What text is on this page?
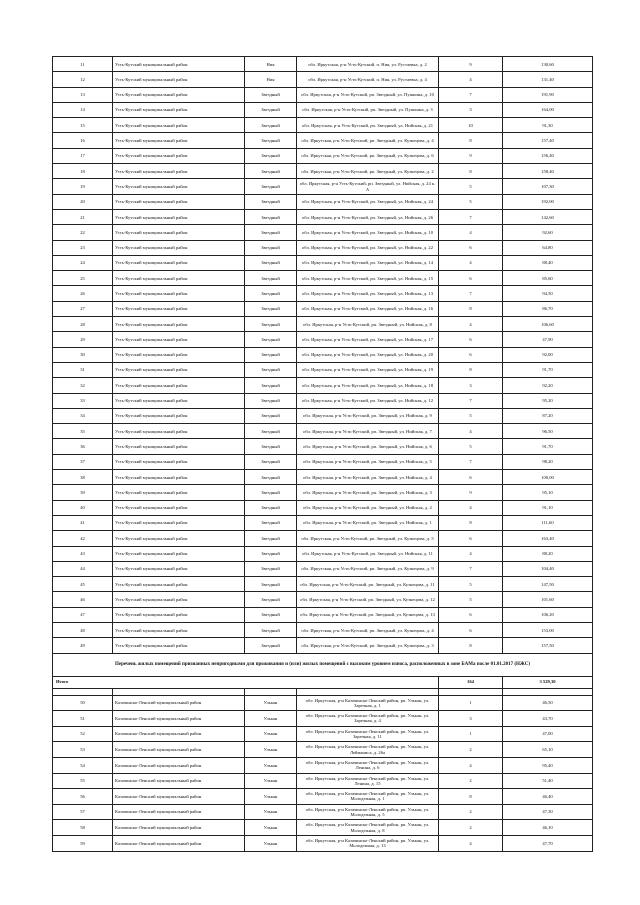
11	Усть-Кутский муниципальный район	Ния	обл. Иркутская, р-н Усть-Кутский, п. Ния, ул. Рустаевка, д. 2	9	130,60
12	Усть-Кутский муниципальный район	Ния	обл. Иркутская, р-н Усть-Кутский, п. Ния, ул. Рустаевка, д. 4	4	131,40
13	Усть-Кутский муниципальный район	Звездный	обл. Иркутская, р-н Усть-Кутский, рп. Звездный, ул. Пушкина, д. 10	7	191,90
14	Усть-Кутский муниципальный район	Звездный	обл. Иркутская, р-н Усть-Кутский, рп. Звездный, ул. Пушкина, д. 3	3	164,00
15	Усть-Кутский муниципальный район	Звездный	обл. Иркутская, р-н Усть-Кутский, рп. Звездный, ул. Нийская, д. 21	10	91,30
16	Усть-Кутский муниципальный район	Звездный	обл. Иркутская, р-н Усть-Кутский, рп. Звездный, ул. Кузнецова, д. 4	8	157,40
17	Усть-Кутский муниципальный район	Звездный	обл. Иркутская, р-н Усть-Кутский, рп. Звездный, ул. Кузнецова, д. 6	9	156,40
18	Усть-Кутский муниципальный район	Звездный	обл. Иркутская, р-н Усть-Кутский, рп. Звездный, ул. Кузнецова, д. 2	8	158,40
19	Усть-Кутский муниципальный район	Звездный	обл. Иркутская, р-н Усть-Кутский, рп. Звездный, ул. Нийская, д. 24 к. А	5	107,30
20	Усть-Кутский муниципальный район	Звездный	обл. Иркутская, р-н Усть-Кутский, рп. Звездный, ул. Нийская, д. 24	5	192,00
21	Усть-Кутский муниципальный район	Звездный	обл. Иркутская, р-н Усть-Кутский, рп. Звездный, ул. Нийская, д. 26	7	142,60
22	Усть-Кутский муниципальный район	Звездный	обл. Иркутская, р-н Усть-Кутский, рп. Звездный, ул. Нийская, д. 10	4	92,60
23	Усть-Кутский муниципальный район	Звездный	обл. Иркутская, р-н Усть-Кутский, рп. Звездный, ул. Нийская, д. 22	6	64,80
24	Усть-Кутский муниципальный район	Звездный	обл. Иркутская, р-н Усть-Кутский, рп. Звездный, ул. Нийская, д. 14	4	88,40
25	Усть-Кутский муниципальный район	Звездный	обл. Иркутская, р-н Усть-Кутский, рп. Звездный, ул. Нийская, д. 15	6	85,60
26	Усть-Кутский муниципальный район	Звездный	обл. Иркутская, р-н Усть-Кутский, рп. Звездный, ул. Нийская, д. 13	7	94,50
27	Усть-Кутский муниципальный район	Звездный	обл. Иркутская, р-н Усть-Кутский, рп. Звездный, ул. Нийская, д. 16	8	86,70
28	Усть-Кутский муниципальный район	Звездный	обл. Иркутская, р-н Усть-Кутский, рп. Звездный, ул. Нийская, д. 8	4	106,60
29	Усть-Кутский муниципальный район	Звездный	обл. Иркутская, р-н Усть-Кутский, рп. Звездный, ул. Нийская, д. 17	6	47,90
30	Усть-Кутский муниципальный район	Звездный	обл. Иркутская, р-н Усть-Кутский, рп. Звездный, ул. Нийская, д. 20	6	92,00
31	Усть-Кутский муниципальный район	Звездный	обл. Иркутская, р-н Усть-Кутский, рп. Звездный, ул. Нийская, д. 19	8	91,70
32	Усть-Кутский муниципальный район	Звездный	обл. Иркутская, р-н Усть-Кутский, рп. Звездный, ул. Нийская, д. 18	3	92,20
33	Усть-Кутский муниципальный район	Звездный	обл. Иркутская, р-н Усть-Кутский, рп. Звездный, ул. Нийская, д. 12	7	95,20
34	Усть-Кутский муниципальный район	Звездный	обл. Иркутская, р-н Усть-Кутский, рп. Звездный, ул. Нийская, д. 9	5	87,20
35	Усть-Кутский муниципальный район	Звездный	обл. Иркутская, р-н Усть-Кутский, рп. Звездный, ул. Нийская, д. 7	4	96,50
36	Усть-Кутский муниципальный район	Звездный	обл. Иркутская, р-н Усть-Кутский, рп. Звездный, ул. Нийская, д. 6	5	91,70
37	Усть-Кутский муниципальный район	Звездный	обл. Иркутская, р-н Усть-Кутский, рп. Звездный, ул. Нийская, д. 5	7	98,20
38	Усть-Кутский муниципальный район	Звездный	обл. Иркутская, р-н Усть-Кутский, рп. Звездный, ул. Нийская, д. 4	6	100,00
39	Усть-Кутский муниципальный район	Звездный	обл. Иркутская, р-н Усть-Кутский, рп. Звездный, ул. Нийская, д. 3	9	95,10
40	Усть-Кутский муниципальный район	Звездный	обл. Иркутская, р-н Усть-Кутский, рп. Звездный, ул. Нийская, д. 2	4	91,10
41	Усть-Кутский муниципальный район	Звездный	обл. Иркутская, р-н Усть-Кутский, рп. Звездный, ул. Нийская, д. 1	8	111,60
42	Усть-Кутский муниципальный район	Звездный	обл. Иркутская, р-н Усть-Кутский, рп. Звездный, ул. Кузнецова, д. 5	6	163,40
43	Усть-Кутский муниципальный район	Звездный	обл. Иркутская, р-н Усть-Кутский, рп. Звездный, ул. Нийская, д. 11	4	88,20
44	Усть-Кутский муниципальный район	Звездный	обл. Иркутская, р-н Усть-Кутский, рп. Звездный, ул. Кузнецова, д. 9	7	104,40
45	Усть-Кутский муниципальный район	Звездный	обл. Иркутская, р-н Усть-Кутский, рп. Звездный, ул. Кузнецова, д. 11	5	147,50
46	Усть-Кутский муниципальный район	Звездный	обл. Иркутская, р-н Усть-Кутский, рп. Звездный, ул. Кузнецова, д. 12	5	101,60
47	Усть-Кутский муниципальный район	Звездный	обл. Иркутская, р-н Усть-Кутский, рп. Звездный, ул. Кузнецова, д. 13	6	106,20
48	Усть-Кутский муниципальный район	Звездный	обл. Иркутская, р-н Усть-Кутский, рп. Звездный, ул. Кузнецова, д. 4	6	153,00
49	Усть-Кутский муниципальный район	Звездный	обл. Иркутская, р-н Усть-Кутский, рп. Звездный, ул. Кузнецова, д. 3	8	157,50
Перечень жилых помещений признанных непригодными для проживания и (или) жилых помещений с высоким уровнем износа, расположенных в зоне БАМа после 01.01.2017 (НЖС)					
Итого				164	3 529,30

50	Казачинско-Ленский муниципальный район	Улькан	обл. Иркутская, р-н Казачинско-Ленский район, рп. Улькан, ул. Заречная, д. 1	1	46,50
51	Казачинско-Ленский муниципальный район	Улькан	обл. Иркутская, р-н Казачинско-Ленский район, рп. Улькан, ул. Заречная, д. 4	3	43,70
52	Казачинско-Ленский муниципальный район	Улькан	обл. Иркутская, р-н Казачинско-Ленский район, рп. Улькан, ул. Заречная, д. 11	1	47,00
53	Казачинско-Ленский муниципальный район	Улькан	обл. Иркутская, р-н Казачинско-Ленский район, рп. Улькан, ул. Лейманиса, д. 26а	2	65,10
54	Казачинско-Ленский муниципальный район	Улькан	обл. Иркутская, р-н Казачинско-Ленский район, рп. Улькан, ул. Ленина, д. 6	4	95,40
55	Казачинско-Ленский муниципальный район	Улькан	обл. Иркутская, р-н Казачинско-Ленский район, рп. Улькан, ул. Ленина, д. 15	2	51,40
56	Казачинско-Ленский муниципальный район	Улькан	обл. Иркутская, р-н Казачинско-Ленский район, рп. Улькан, ул. Молодежная, д. 1	8	46,40
57	Казачинско-Ленский муниципальный район	Улькан	обл. Иркутская, р-н Казачинско-Ленский район, рп. Улькан, ул. Молодежная, д. 5	2	47,30
58	Казачинско-Ленский муниципальный район	Улькан	обл. Иркутская, р-н Казачинско-Ленский район, рп. Улькан, ул. Молодежная, д. 8	2	46,10
59	Казачинско-Ленский муниципальный район	Улькан	обл. Иркутская, р-н Казачинско-Ленский район, рп. Улькан, ул. Молодежная, д. 13	4	47,70
